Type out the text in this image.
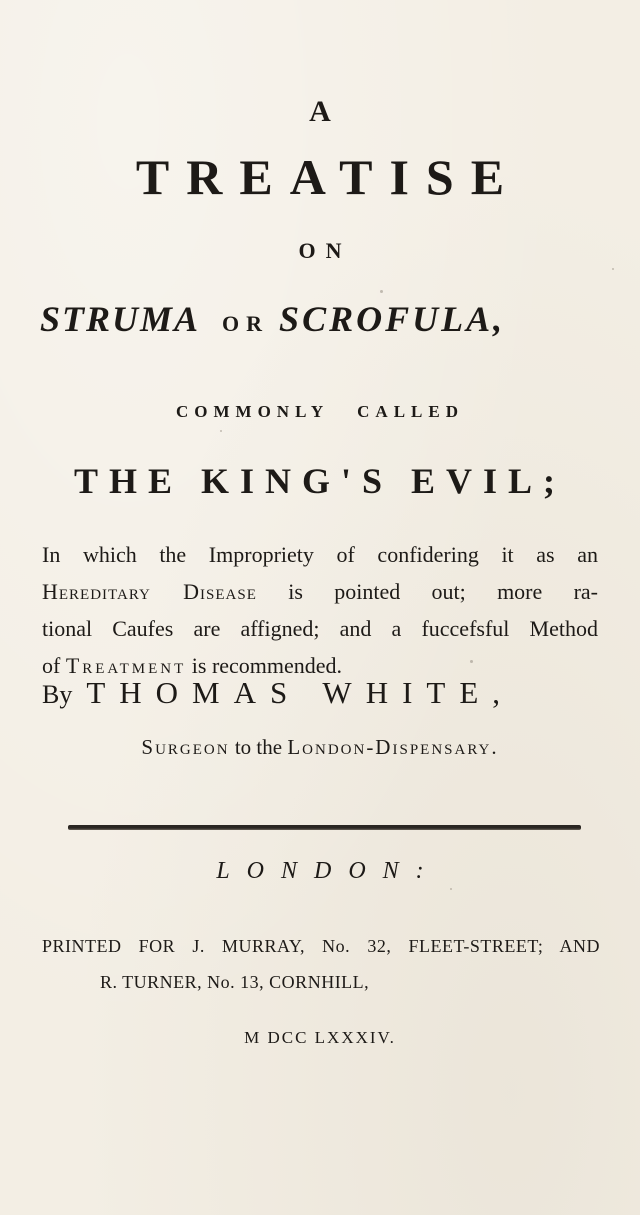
A
TREATISE
ON
STRUMA OR SCROFULA,
COMMONLY CALLED
THE KING'S EVIL;
In which the Impropriety of confidering it as an
Hereditary Disease is pointed out; more ra-
tional Caufes are affigned; and a fuccefsful Method
of Treatment is recommended.
By THOMAS WHITE,
Surgeon to the London-Dispensary.
LONDON:
PRINTED FOR J. MURRAY, No. 32, FLEET-STREET; AND
R. TURNER, No. 13, CORNHILL,
M DCC LXXXIV.
